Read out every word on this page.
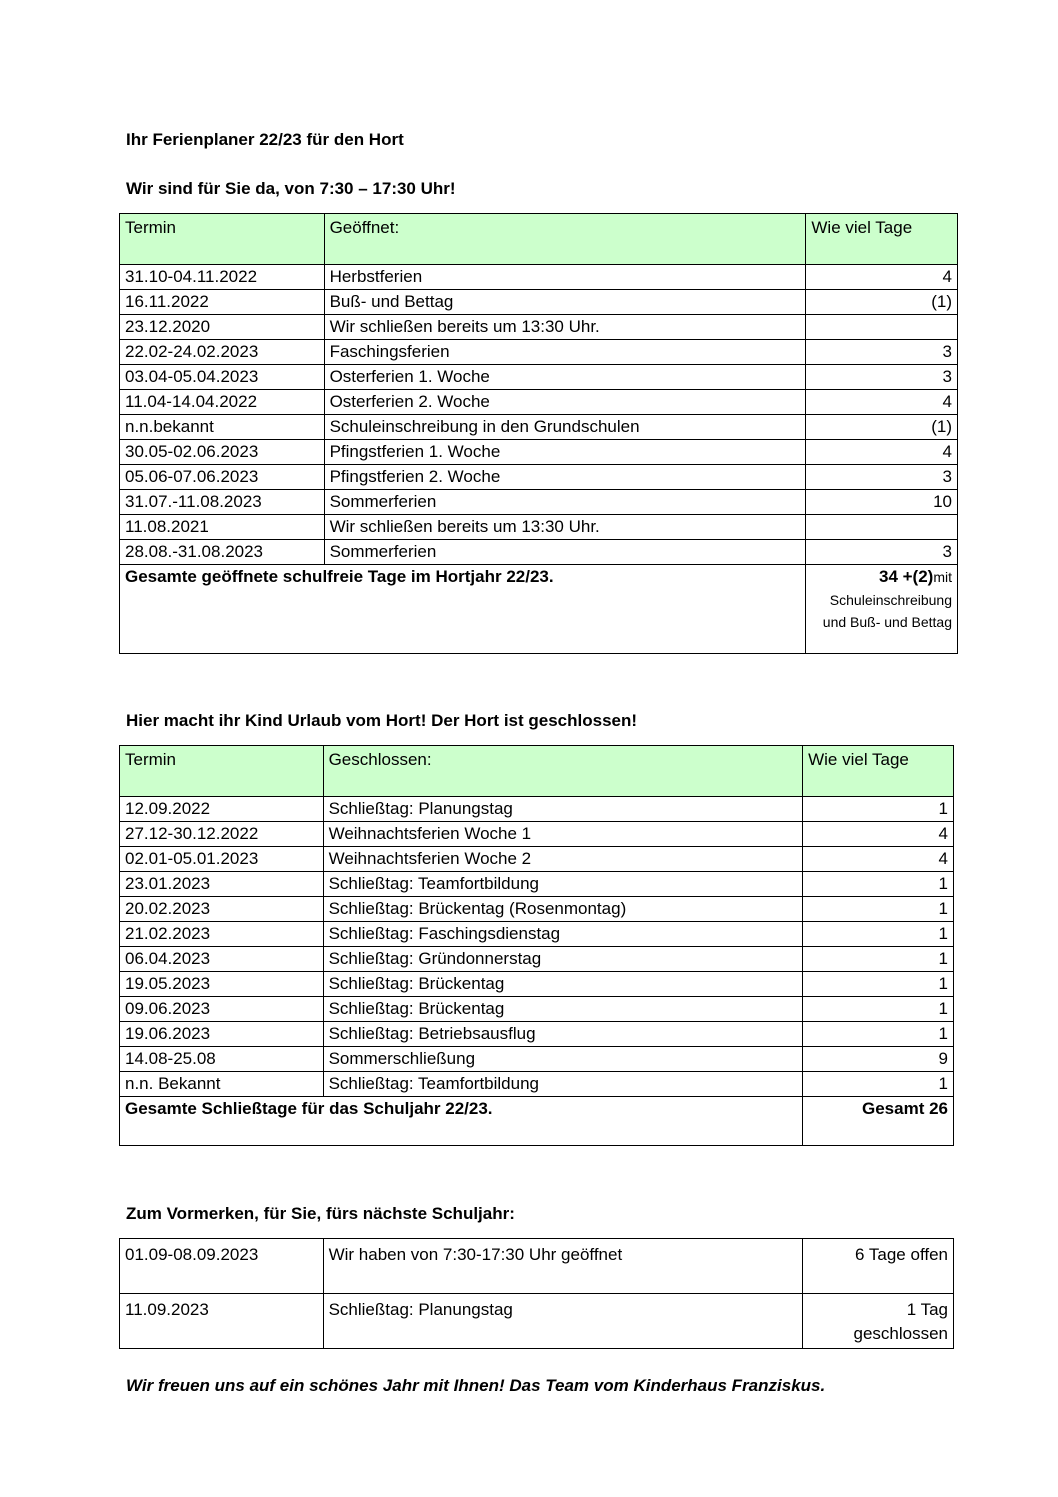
Ihr Ferienplaner 22/23 für den Hort
Wir sind für Sie da, von 7:30 – 17:30 Uhr!
Termin	Geöffnet:	Wie viel Tage
31.10-04.11.2022	Herbstferien	4
16.11.2022	Buß- und Bettag	(1)
23.12.2020	Wir schließen bereits um 13:30 Uhr.	
22.02-24.02.2023	Faschingsferien	3
03.04-05.04.2023	Osterferien 1. Woche	3
11.04-14.04.2022	Osterferien 2. Woche	4
n.n.bekannt	Schuleinschreibung in den Grundschulen	(1)
30.05-02.06.2023	Pfingstferien 1. Woche	4
05.06-07.06.2023	Pfingstferien 2. Woche	3
31.07.-11.08.2023	Sommerferien	10
11.08.2021	Wir schließen bereits um 13:30 Uhr.	
28.08.-31.08.2023	Sommerferien	3
Gesamte geöffnete schulfreie Tage im Hortjahr 22/23.		34 +(2)mit Schuleinschreibung und Buß- und Bettag
Hier macht ihr Kind Urlaub vom Hort! Der Hort ist geschlossen!
Termin	Geschlossen:	Wie viel Tage
12.09.2022	Schließtag: Planungstag	1
27.12-30.12.2022	Weihnachtsferien Woche 1	4
02.01-05.01.2023	Weihnachtsferien Woche 2	4
23.01.2023	Schließtag: Teamfortbildung	1
20.02.2023	Schließtag: Brückentag (Rosenmontag)	1
21.02.2023	Schließtag: Faschingsdienstag	1
06.04.2023	Schließtag: Gründonnerstag	1
19.05.2023	Schließtag: Brückentag	1
09.06.2023	Schließtag: Brückentag	1
19.06.2023	Schließtag: Betriebsausflug	1
14.08-25.08	Sommerschließung	9
n.n. Bekannt	Schließtag: Teamfortbildung	1
Gesamte Schließtage für das Schuljahr 22/23.		Gesamt 26
Zum Vormerken, für Sie, fürs nächste Schuljahr:
01.09-08.09.2023	Wir haben von 7:30-17:30 Uhr geöffnet	6 Tage offen
11.09.2023	Schließtag: Planungstag	1 Tag geschlossen
Wir freuen uns auf ein schönes Jahr mit Ihnen! Das Team vom Kinderhaus Franziskus.
